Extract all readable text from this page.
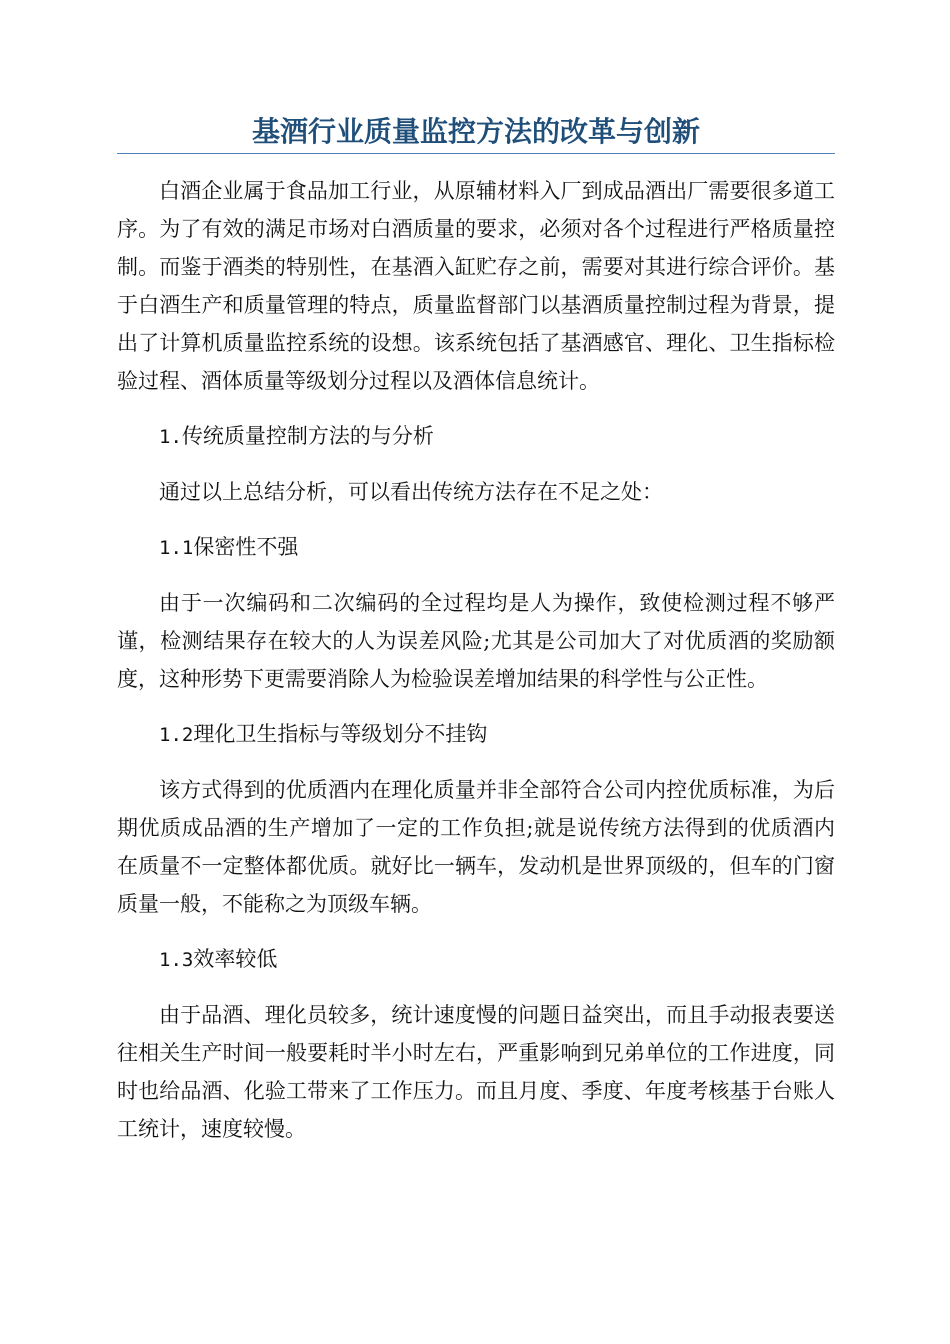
基酒行业质量监控方法的改革与创新

白酒企业属于食品加工行业，从原辅材料入厂到成品酒出厂需要很多道工序。为了有效的满足市场对白酒质量的要求，必须对各个过程进行严格质量控制。而鉴于酒类的特别性，在基酒入缸贮存之前，需要对其进行综合评价。基于白酒生产和质量管理的特点，质量监督部门以基酒质量控制过程为背景，提出了计算机质量监控系统的设想。该系统包括了基酒感官、理化、卫生指标检验过程、酒体质量等级划分过程以及酒体信息统计。

1.传统质量控制方法的与分析

通过以上总结分析，可以看出传统方法存在不足之处：

1.1保密性不强

由于一次编码和二次编码的全过程均是人为操作，致使检测过程不够严谨，检测结果存在较大的人为误差风险;尤其是公司加大了对优质酒的奖励额度，这种形势下更需要消除人为检验误差增加结果的科学性与公正性。

1.2理化卫生指标与等级划分不挂钩

该方式得到的优质酒内在理化质量并非全部符合公司内控优质标准，为后期优质成品酒的生产增加了一定的工作负担;就是说传统方法得到的优质酒内在质量不一定整体都优质。就好比一辆车，发动机是世界顶级的，但车的门窗质量一般，不能称之为顶级车辆。

1.3效率较低

由于品酒、理化员较多，统计速度慢的问题日益突出，而且手动报表要送往相关生产时间一般要耗时半小时左右，严重影响到兄弟单位的工作进度，同时也给品酒、化验工带来了工作压力。而且月度、季度、年度考核基于台账人工统计，速度较慢。
